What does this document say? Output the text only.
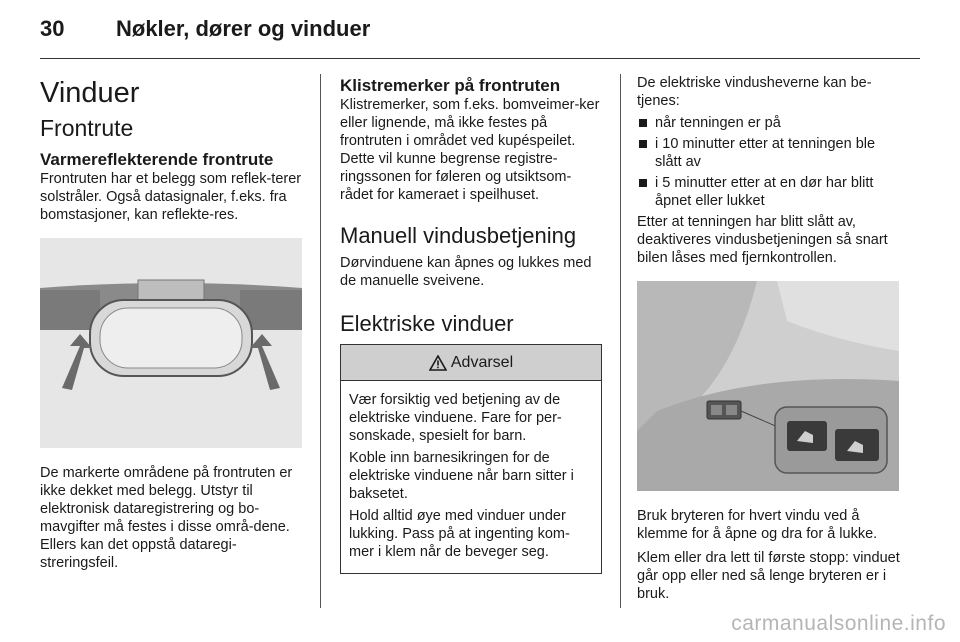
30 Nøkler, dører og vinduer
Vinduer
Frontrute
Varmereflekterende frontrute

Frontruten har et belegg som reflek-terer solstråler. Også datasignaler, f.eks. fra bomstasjoner, kan reflekte-res.

De markerte områdene på frontruten er ikke dekket med belegg. Utstyr til elektronisk dataregistrering og bo-mavgifter må festes i disse områ-dene. Ellers kan det oppstå dataregi-streringsfeil.

Klistremerker på frontruten

Klistremerker, som f.eks. bomveimer-ker eller lignende, må ikke festes på frontruten i området ved kupéspeilet. Dette vil kunne begrense registre-ringssonen for føleren og utsiktsom-rådet for kameraet i speilhuset.

Manuell vindusbetjening

Dørvinduene kan åpnes og lukkes med de manuelle sveivene.

Elektriske vinduer
Advarsel

Vær forsiktig ved betjening av de elektriske vinduene. Fare for per-sonskade, spesielt for barn.

Koble inn barnesikringen for de elektriske vinduene når barn sitter i baksetet.

Hold alltid øye med vinduer under lukking. Pass på at ingenting kom-mer i klem når de beveger seg.

De elektriske vindusheverne kan be-tjenes:

når tenningen er på
i 10 minutter etter at tenningen ble slått av
i 5 minutter etter at en dør har blitt åpnet eller lukket

Etter at tenningen har blitt slått av, deaktiveres vindusbetjeningen så snart bilen låses med fjernkontrollen.

Bruk bryteren for hvert vindu ved å klemme for å åpne og dra for å lukke.

Klem eller dra lett til første stopp: vinduet går opp eller ned så lenge bryteren er i bruk.

carmanualsonline.info
